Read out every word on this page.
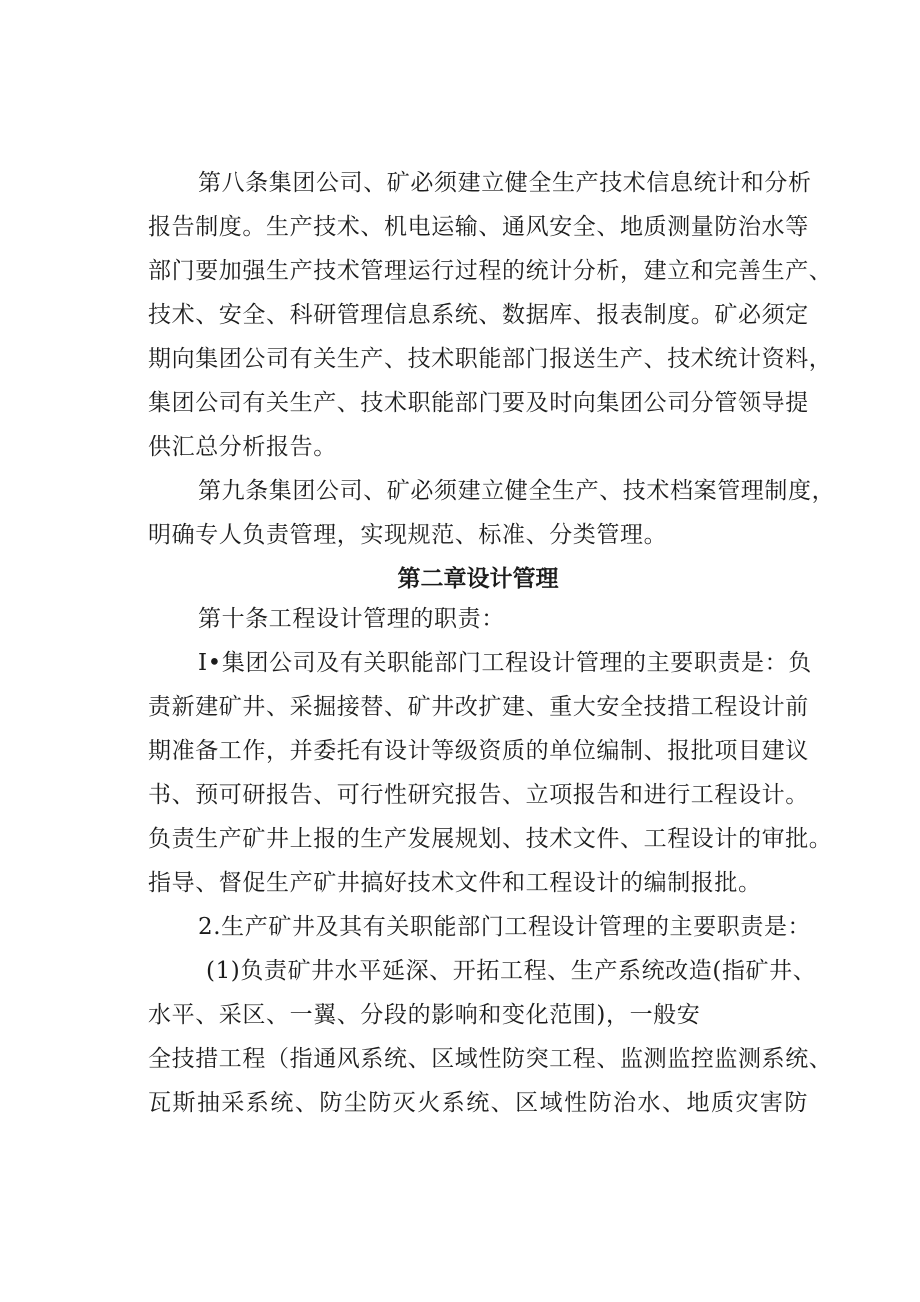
第八条集团公司、矿必须建立健全生产技术信息统计和分析
报告制度。生产技术、机电运输、通风安全、地质测量防治水等
部门要加强生产技术管理运行过程的统计分析，建立和完善生产、
技术、安全、科研管理信息系统、数据库、报表制度。矿必须定
期向集团公司有关生产、技术职能部门报送生产、技术统计资料，
集团公司有关生产、技术职能部门要及时向集团公司分管领导提
供汇总分析报告。
第九条集团公司、矿必须建立健全生产、技术档案管理制度，
明确专人负责管理，实现规范、标准、分类管理。
第二章设计管理
第十条工程设计管理的职责：
I•集团公司及有关职能部门工程设计管理的主要职责是：负
责新建矿井、采掘接替、矿井改扩建、重大安全技措工程设计前
期准备工作，并委托有设计等级资质的单位编制、报批项目建议
书、预可研报告、可行性研究报告、立项报告和进行工程设计。
负责生产矿井上报的生产发展规划、技术文件、工程设计的审批。
指导、督促生产矿井搞好技术文件和工程设计的编制报批。
2.生产矿井及其有关职能部门工程设计管理的主要职责是：
(1)负责矿井水平延深、开拓工程、生产系统改造(指矿井、
水平、采区、一翼、分段的影响和变化范围)，一般安
全技措工程（指通风系统、区域性防突工程、监测监控监测系统、
瓦斯抽采系统、防尘防灭火系统、区域性防治水、地质灾害防
